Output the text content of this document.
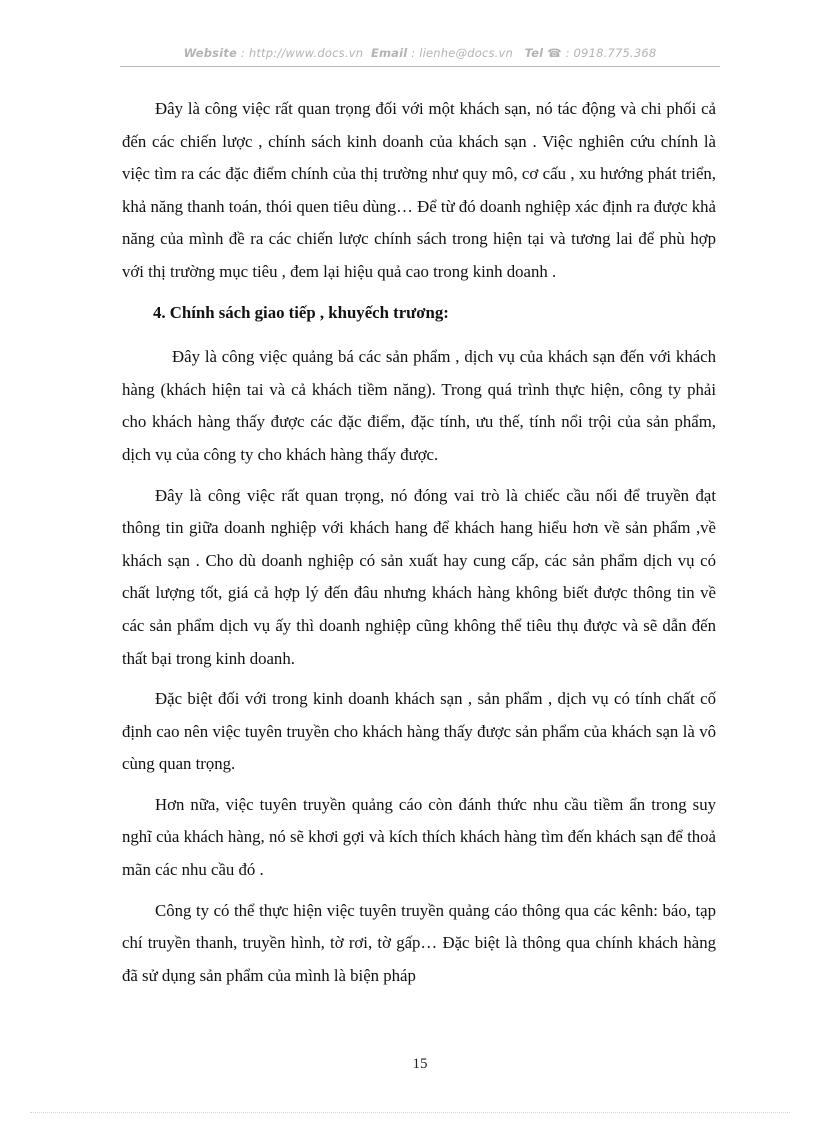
Website : http://www.docs.vn Email : lienhe@docs.vn Tel ☎ : 0918.775.368

Đây là công việc rất quan trọng đối với một khách sạn, nó tác động và chi phối cả đến các chiến lược , chính sách kinh doanh của khách sạn . Việc nghiên cứu chính là việc tìm ra các đặc điểm chính của thị trường như quy mô, cơ cấu , xu hướng phát triển, khả năng thanh toán, thói quen tiêu dùng… Để từ đó doanh nghiệp xác định ra được khả năng của mình đề ra các chiến lược chính sách trong hiện tại và tương lai để phù hợp với thị trường mục tiêu , đem lại hiệu quả cao trong kinh doanh .

4. Chính sách giao tiếp , khuyếch trương:

Đây là công việc quảng bá các sản phẩm , dịch vụ của khách sạn đến với khách hàng (khách hiện tai và cả khách tiềm năng). Trong quá trình thực hiện, công ty phải cho khách hàng thấy được các đặc điểm, đặc tính, ưu thế, tính nổi trội của sản phẩm, dịch vụ của công ty cho khách hàng thấy được.

Đây là công việc rất quan trọng, nó đóng vai trò là chiếc cầu nối để truyền đạt thông tin giữa doanh nghiệp với khách hang để khách hang hiểu hơn về sản phẩm ,về khách sạn . Cho dù doanh nghiệp có sản xuất hay cung cấp, các sản phẩm dịch vụ có chất lượng tốt, giá cả hợp lý đến đâu nhưng khách hàng không biết được thông tin về các sản phẩm dịch vụ ấy thì doanh nghiệp cũng không thể tiêu thụ được và sẽ dẫn đến thất bại trong kinh doanh.

Đặc biệt đối với trong kinh doanh khách sạn , sản phẩm , dịch vụ có tính chất cố định cao nên việc tuyên truyền cho khách hàng thấy được sản phẩm của khách sạn là vô cùng quan trọng.

Hơn nữa, việc tuyên truyền quảng cáo còn đánh thức nhu cầu tiềm ẩn trong suy nghĩ của khách hàng, nó sẽ khơi gợi và kích thích khách hàng tìm đến khách sạn để thoả mãn các nhu cầu đó .

Công ty có thể thực hiện việc tuyên truyền quảng cáo thông qua các kênh: báo, tạp chí truyền thanh, truyền hình, tờ rơi, tờ gấp… Đặc biệt là thông qua chính khách hàng đã sử dụng sản phẩm của mình là biện pháp

15
